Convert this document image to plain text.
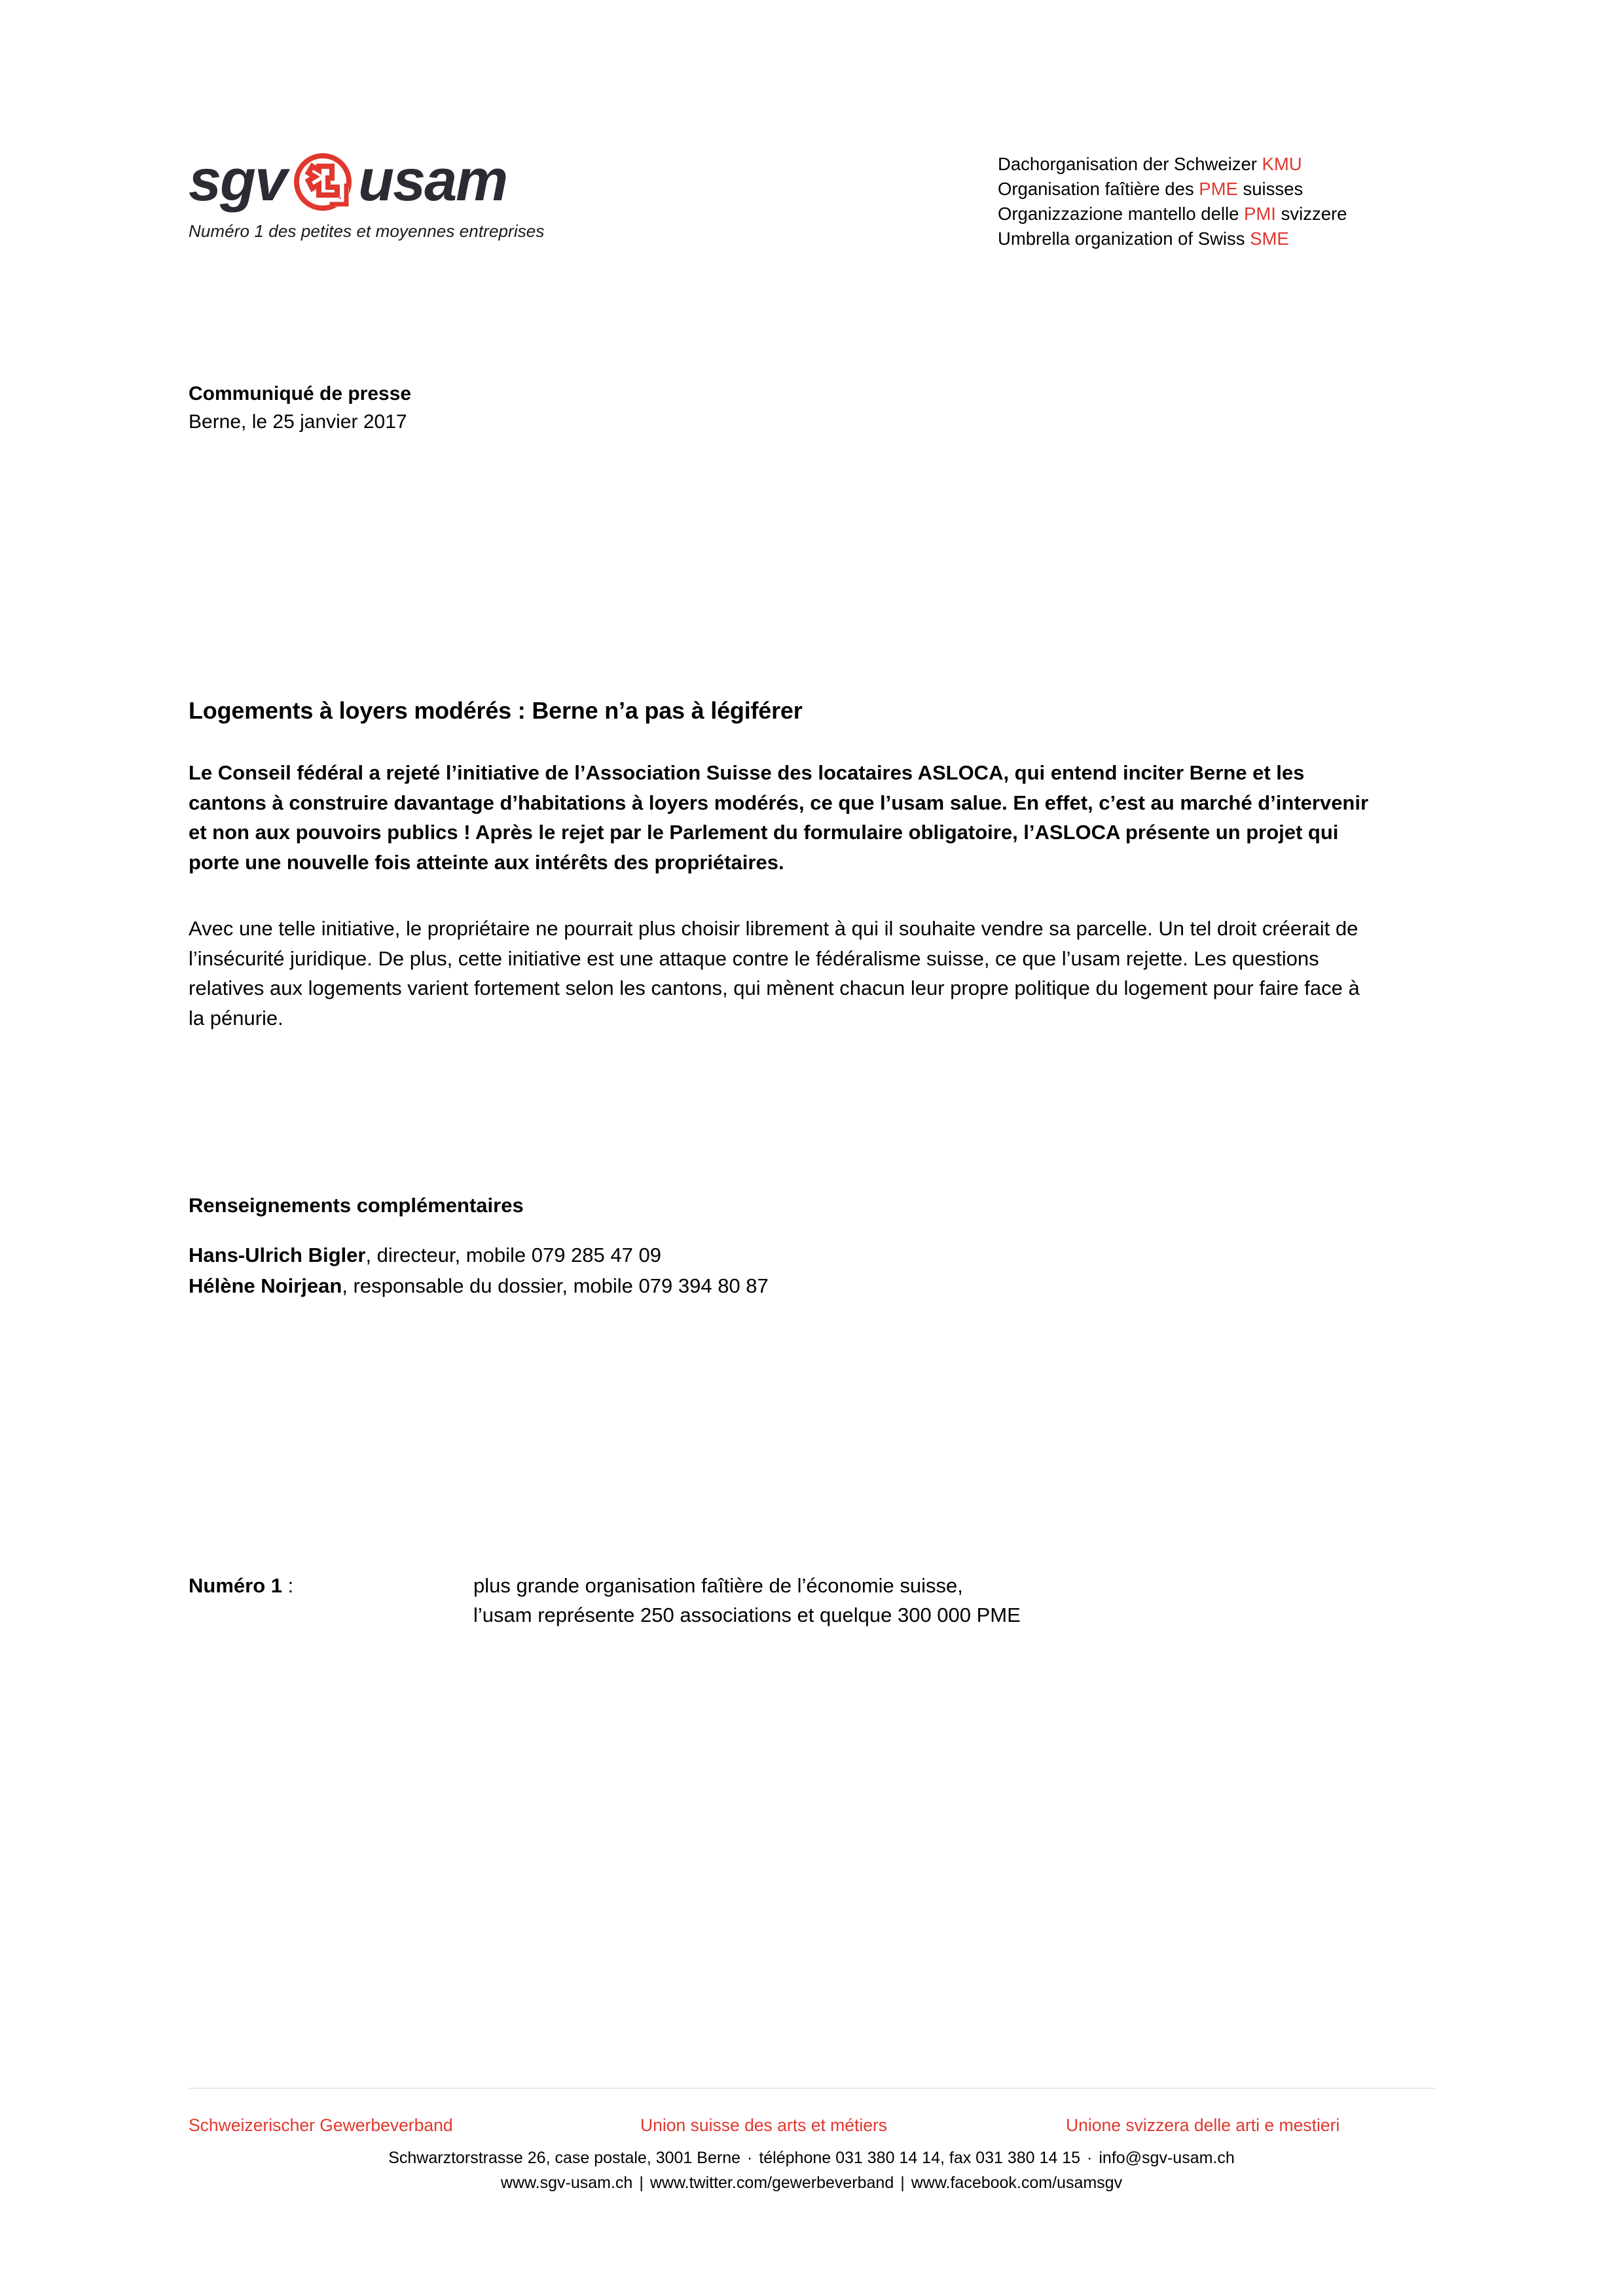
sgv usam
Numéro 1 des petites et moyennes entreprises
Dachorganisation der Schweizer KMU
Organisation faîtière des PME suisses
Organizzazione mantello delle PMI svizzere
Umbrella organization of Swiss SME
Communiqué de presse
Berne, le 25 janvier 2017
Logements à loyers modérés : Berne n’a pas à légiférer

Le Conseil fédéral a rejeté l’initiative de l’Association Suisse des locataires ASLOCA, qui entend inciter Berne et les cantons à construire davantage d’habitations à loyers modérés, ce que l’usam salue. En effet, c’est au marché d’intervenir et non aux pouvoirs publics ! Après le rejet par le Parlement du formulaire obligatoire, l’ASLOCA présente un projet qui porte une nouvelle fois atteinte aux intérêts des propriétaires.

Avec une telle initiative, le propriétaire ne pourrait plus choisir librement à qui il souhaite vendre sa parcelle. Un tel droit créerait de l’insécurité juridique. De plus, cette initiative est une attaque contre le fédéralisme suisse, ce que l’usam rejette. Les questions relatives aux logements varient fortement selon les cantons, qui mènent chacun leur propre politique du logement pour faire face à la pénurie.

Renseignements complémentaires
Hans-Ulrich Bigler, directeur, mobile 079 285 47 09
Hélène Noirjean, responsable du dossier, mobile 079 394 80 87
Numéro 1 :	plus grande organisation faîtière de l’économie suisse,
l’usam représente 250 associations et quelque 300 000 PME
Schweizerischer Gewerbeverband	Union suisse des arts et métiers	Unione svizzera delle arti e mestieri
Schwarztorstrasse 26, case postale, 3001 Berne · téléphone 031 380 14 14, fax 031 380 14 15 · info@sgv-usam.ch
www.sgv-usam.ch | www.twitter.com/gewerbeverband | www.facebook.com/usamsgv
